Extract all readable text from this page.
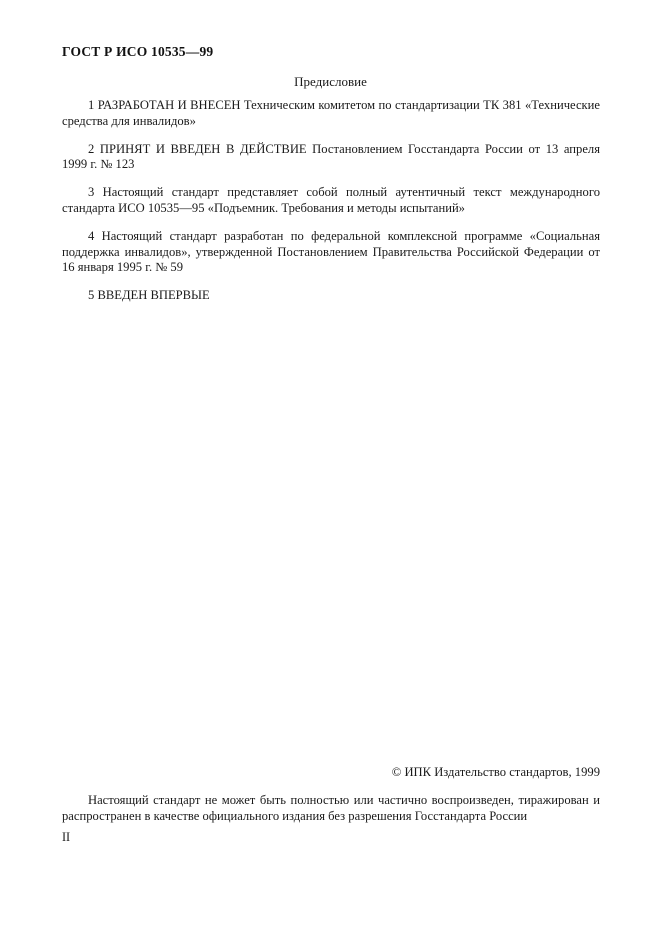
ГОСТ Р ИСО 10535—99
Предисловие

1 РАЗРАБОТАН И ВНЕСЕН Техническим комитетом по стандартизации ТК 381 «Технические средства для инвалидов»

2 ПРИНЯТ И ВВЕДЕН В ДЕЙСТВИЕ Постановлением Госстандарта России от 13 апреля 1999 г. № 123

3 Настоящий стандарт представляет собой полный аутентичный текст международного стандарта ИСО 10535—95 «Подъемник. Требования и методы испытаний»

4 Настоящий стандарт разработан по федеральной комплексной программе «Социальная поддержка инвалидов», утвержденной Постановлением Правительства Российской Федерации от 16 января 1995 г. № 59

5 ВВЕДЕН ВПЕРВЫЕ

© ИПК Издательство стандартов, 1999
Настоящий стандарт не может быть полностью или частично воспроизведен, тиражирован и распространен в качестве официального издания без разрешения Госстандарта России
II
